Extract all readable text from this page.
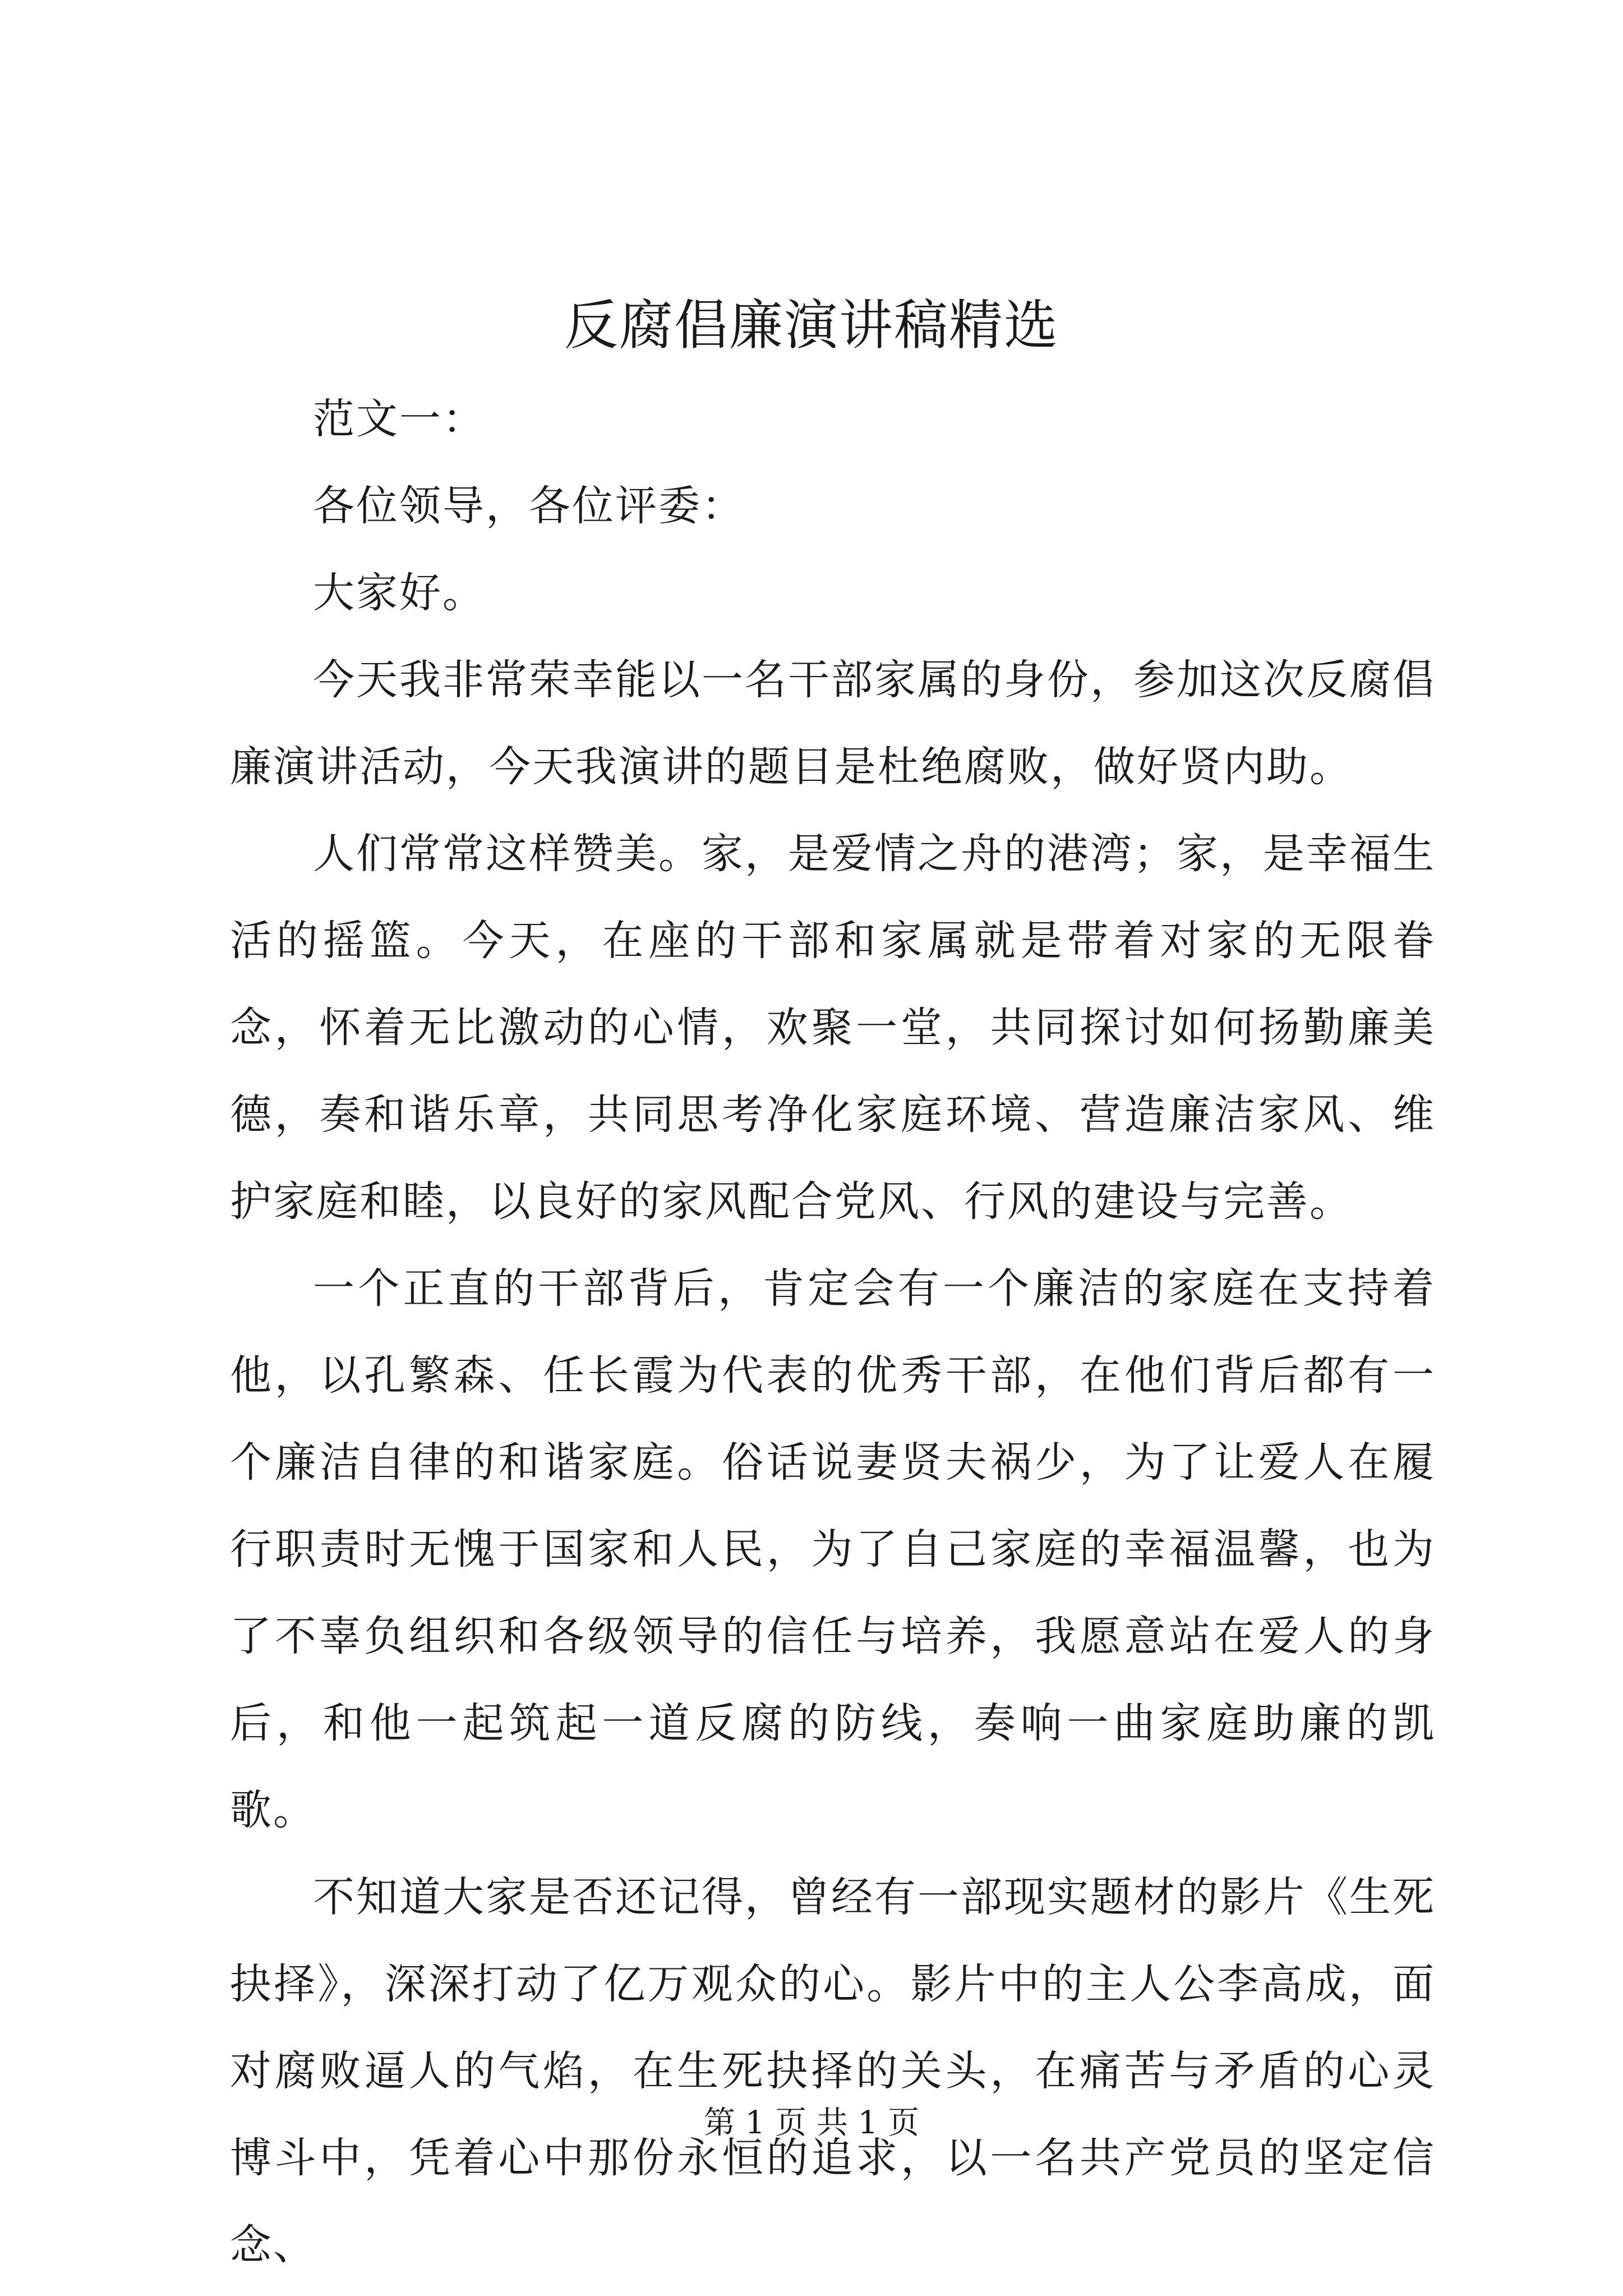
反腐倡廉演讲稿精选

范文一：

各位领导，各位评委：

大家好。

今天我非常荣幸能以一名干部家属的身份，参加这次反腐倡廉演讲活动，今天我演讲的题目是杜绝腐败，做好贤内助。

人们常常这样赞美。家，是爱情之舟的港湾；家，是幸福生活的摇篮。今天，在座的干部和家属就是带着对家的无限眷念，怀着无比激动的心情，欢聚一堂，共同探讨如何扬勤廉美德，奏和谐乐章，共同思考净化家庭环境、营造廉洁家风、维护家庭和睦，以良好的家风配合党风、行风的建设与完善。

一个正直的干部背后，肯定会有一个廉洁的家庭在支持着他，以孔繁森、任长霞为代表的优秀干部，在他们背后都有一个廉洁自律的和谐家庭。俗话说妻贤夫祸少，为了让爱人在履行职责时无愧于国家和人民，为了自己家庭的幸福温馨，也为了不辜负组织和各级领导的信任与培养，我愿意站在爱人的身后，和他一起筑起一道反腐的防线，奏响一曲家庭助廉的凯歌。

不知道大家是否还记得，曾经有一部现实题材的影片《生死抉择》，深深打动了亿万观众的心。影片中的主人公李高成，面对腐败逼人的气焰，在生死抉择的关头，在痛苦与矛盾的心灵博斗中，凭着心中那份永恒的追求，以一名共产党员的坚定信念、

第 1 页 共 1 页
